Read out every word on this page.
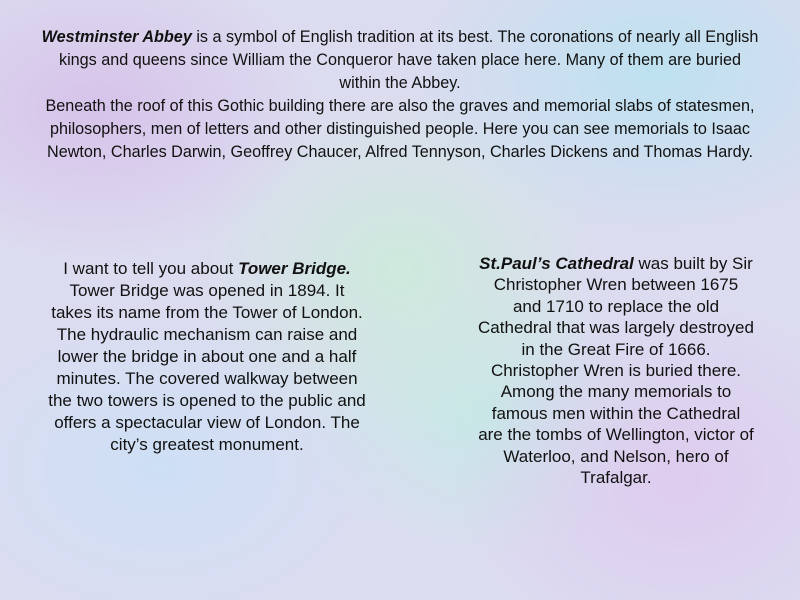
Westminster Abbey is a symbol of English tradition at its best. The coronations of nearly all English kings and queens since William the Conqueror have taken place here. Many of them are buried within the Abbey.
Beneath the roof of this Gothic building there are also the graves and memorial slabs of statesmen, philosophers, men of letters and other distinguished people. Here you can see memorials to Isaac Newton, Charles Darwin, Geoffrey Chaucer, Alfred Tennyson, Charles Dickens and Thomas Hardy.

I want to tell you about Tower Bridge.
Tower Bridge was opened in 1894. It takes its name from the Tower of London. The hydraulic mechanism can raise and lower the bridge in about one and a half minutes. The covered walkway between the two towers is opened to the public and offers a spectacular view of London. The city’s greatest monument.

St.Paul’s Cathedral was built by Sir Christopher Wren between 1675 and 1710 to replace the old Cathedral that was largely destroyed in the Great Fire of 1666. Christopher Wren is buried there. Among the many memorials to famous men within the Cathedral are the tombs of Wellington, victor of Waterloo, and Nelson, hero of Trafalgar.
